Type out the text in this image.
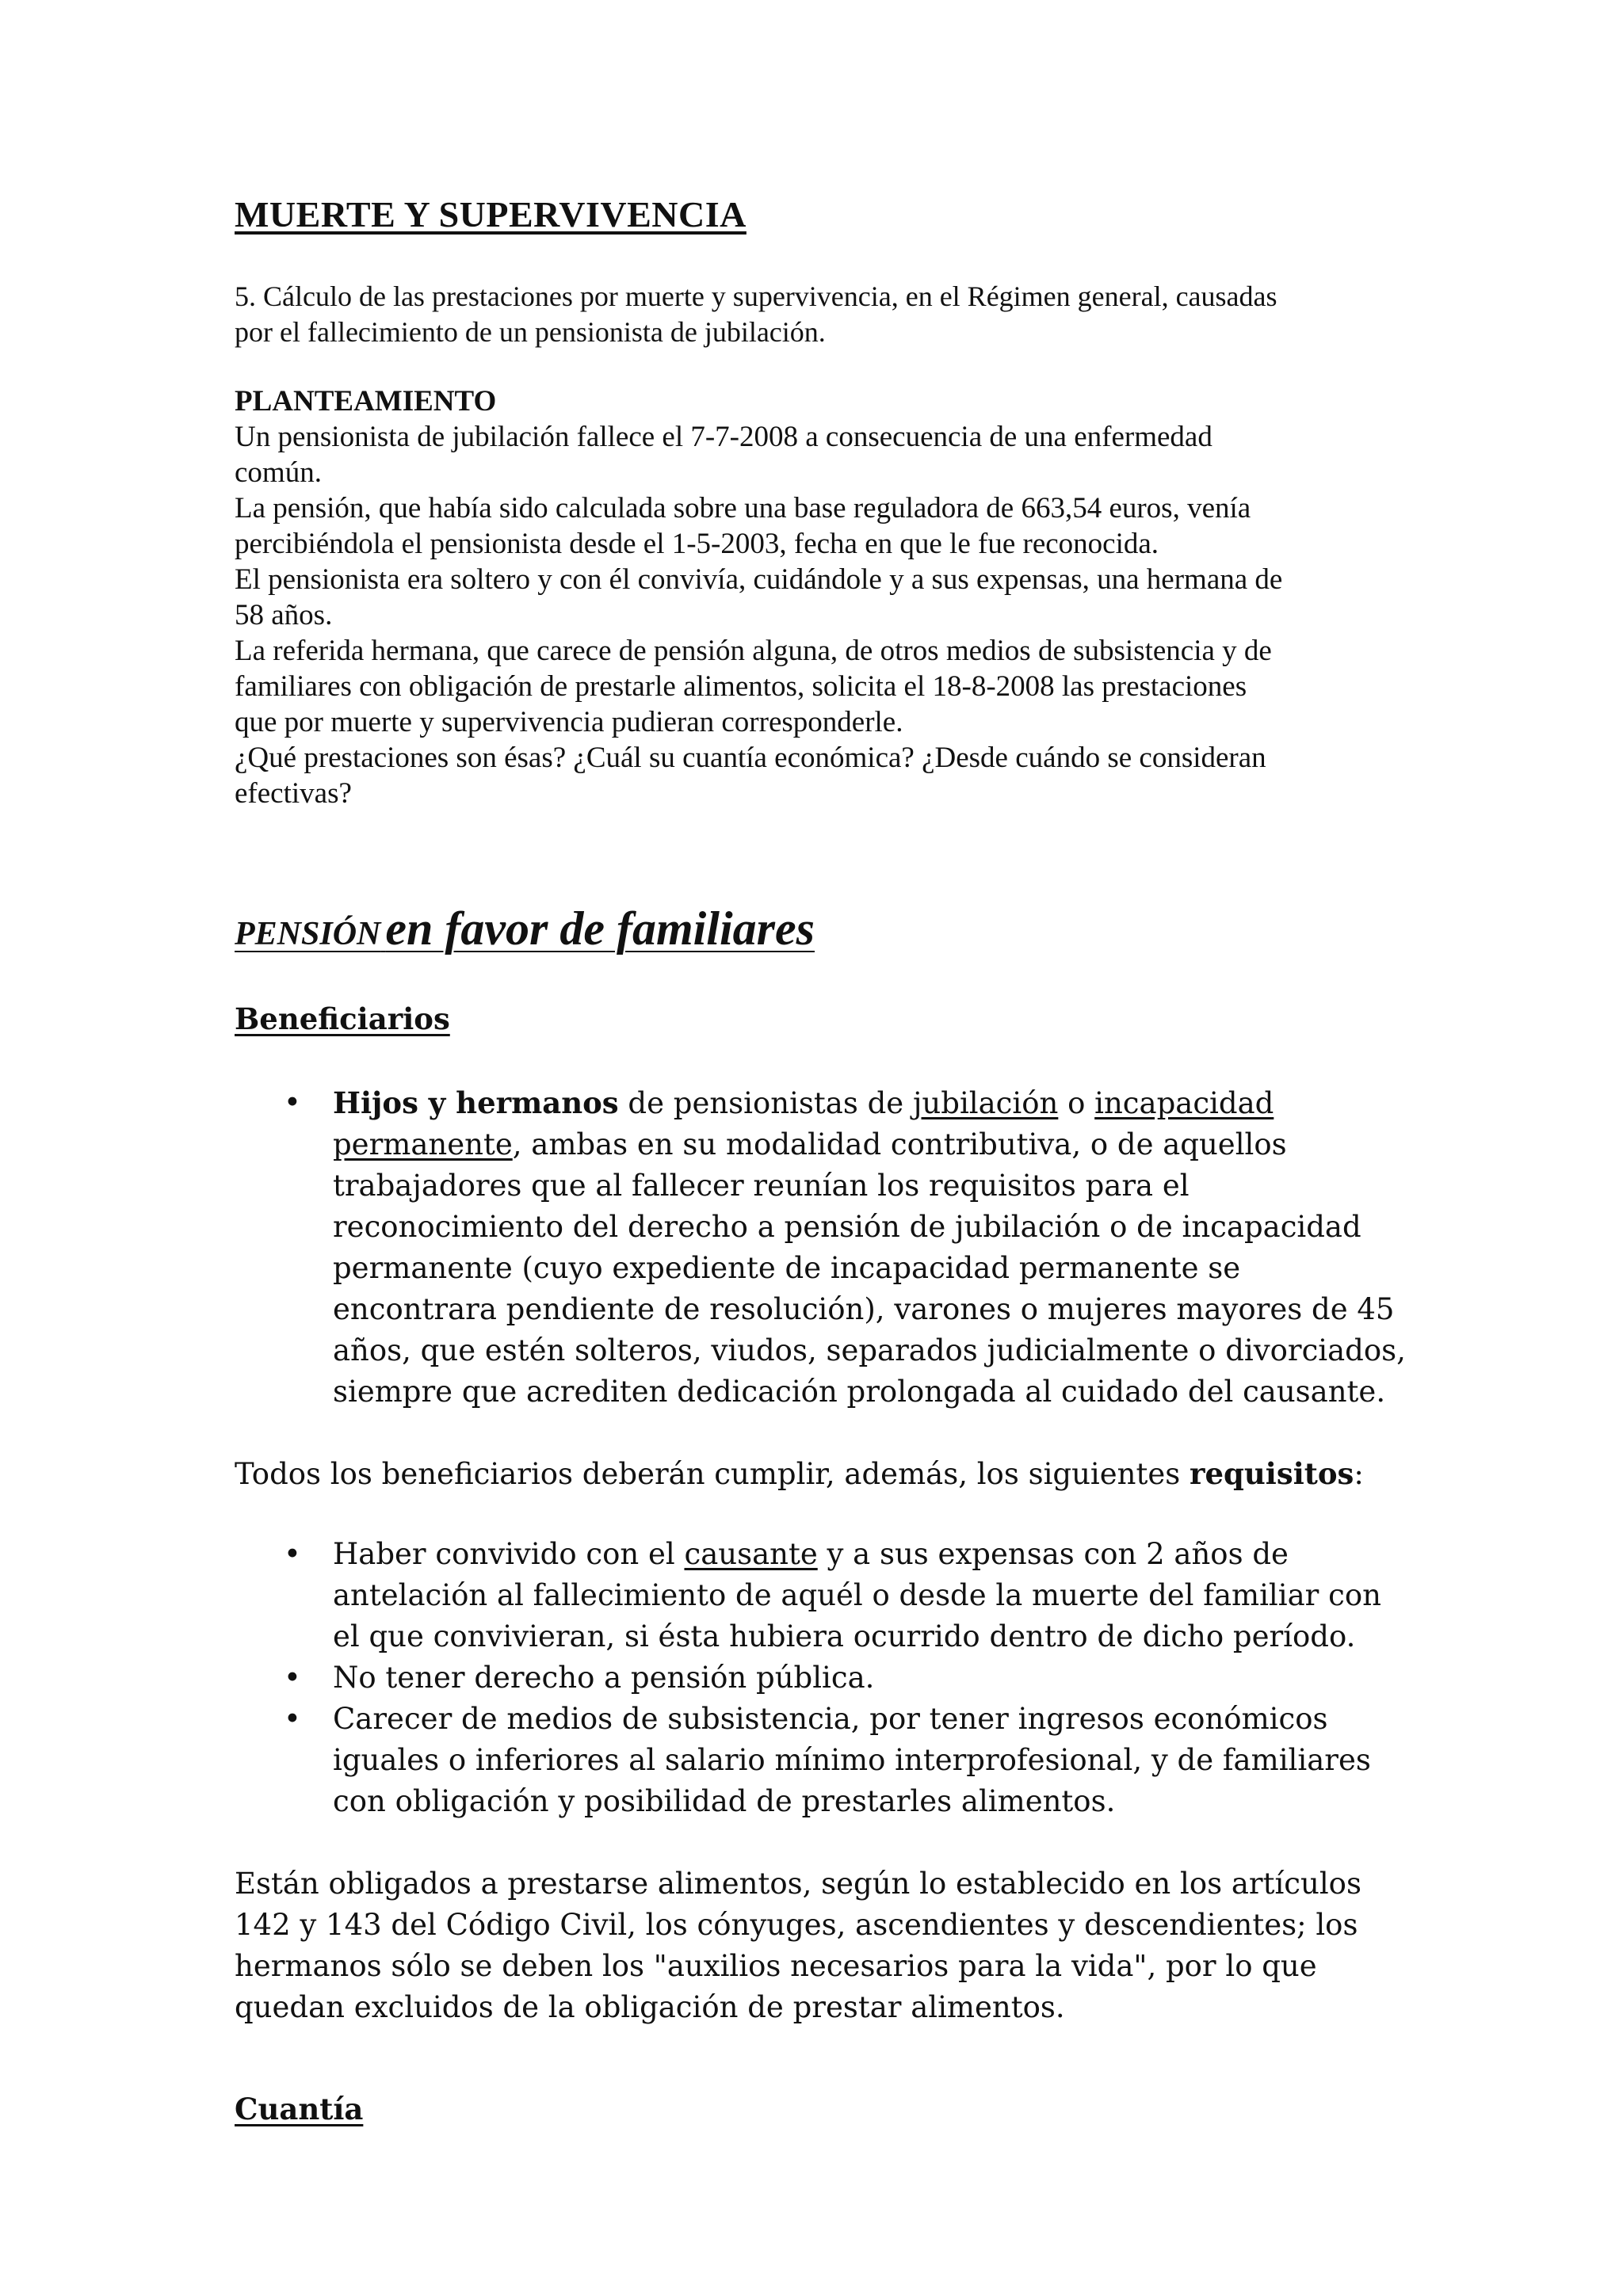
MUERTE Y SUPERVIVENCIA

5. Cálculo de las prestaciones por muerte y supervivencia, en el Régimen general, causadas
por el fallecimiento de un pensionista de jubilación.

PLANTEAMIENTO
Un pensionista de jubilación fallece el 7-7-2008 a consecuencia de una enfermedad
común.
La pensión, que había sido calculada sobre una base reguladora de 663,54 euros, venía
percibiéndola el pensionista desde el 1-5-2003, fecha en que le fue reconocida.
El pensionista era soltero y con él convivía, cuidándole y a sus expensas, una hermana de
58 años.
La referida hermana, que carece de pensión alguna, de otros medios de subsistencia y de
familiares con obligación de prestarle alimentos, solicita el 18-8-2008 las prestaciones
que por muerte y supervivencia pudieran corresponderle.
¿Qué prestaciones son ésas? ¿Cuál su cuantía económica? ¿Desde cuándo se consideran
efectivas?
PENSIÓN en favor de familiares
Beneficiarios
• Hijos y hermanos de pensionistas de jubilación o incapacidad permanente, ambas en su modalidad contributiva, o de aquellos trabajadores que al fallecer reunían los requisitos para el reconocimiento del derecho a pensión de jubilación o de incapacidad permanente (cuyo expediente de incapacidad permanente se encontrara pendiente de resolución), varones o mujeres mayores de 45 años, que estén solteros, viudos, separados judicialmente o divorciados, siempre que acrediten dedicación prolongada al cuidado del causante.

Todos los beneficiarios deberán cumplir, además, los siguientes requisitos:

• Haber convivido con el causante y a sus expensas con 2 años de antelación al fallecimiento de aquél o desde la muerte del familiar con el que convivieran, si ésta hubiera ocurrido dentro de dicho período.
• No tener derecho a pensión pública.
• Carecer de medios de subsistencia, por tener ingresos económicos iguales o inferiores al salario mínimo interprofesional, y de familiares con obligación y posibilidad de prestarles alimentos.

Están obligados a prestarse alimentos, según lo establecido en los artículos 142 y 143 del Código Civil, los cónyuges, ascendientes y descendientes; los hermanos sólo se deben los "auxilios necesarios para la vida", por lo que quedan excluidos de la obligación de prestar alimentos.

Cuantía
